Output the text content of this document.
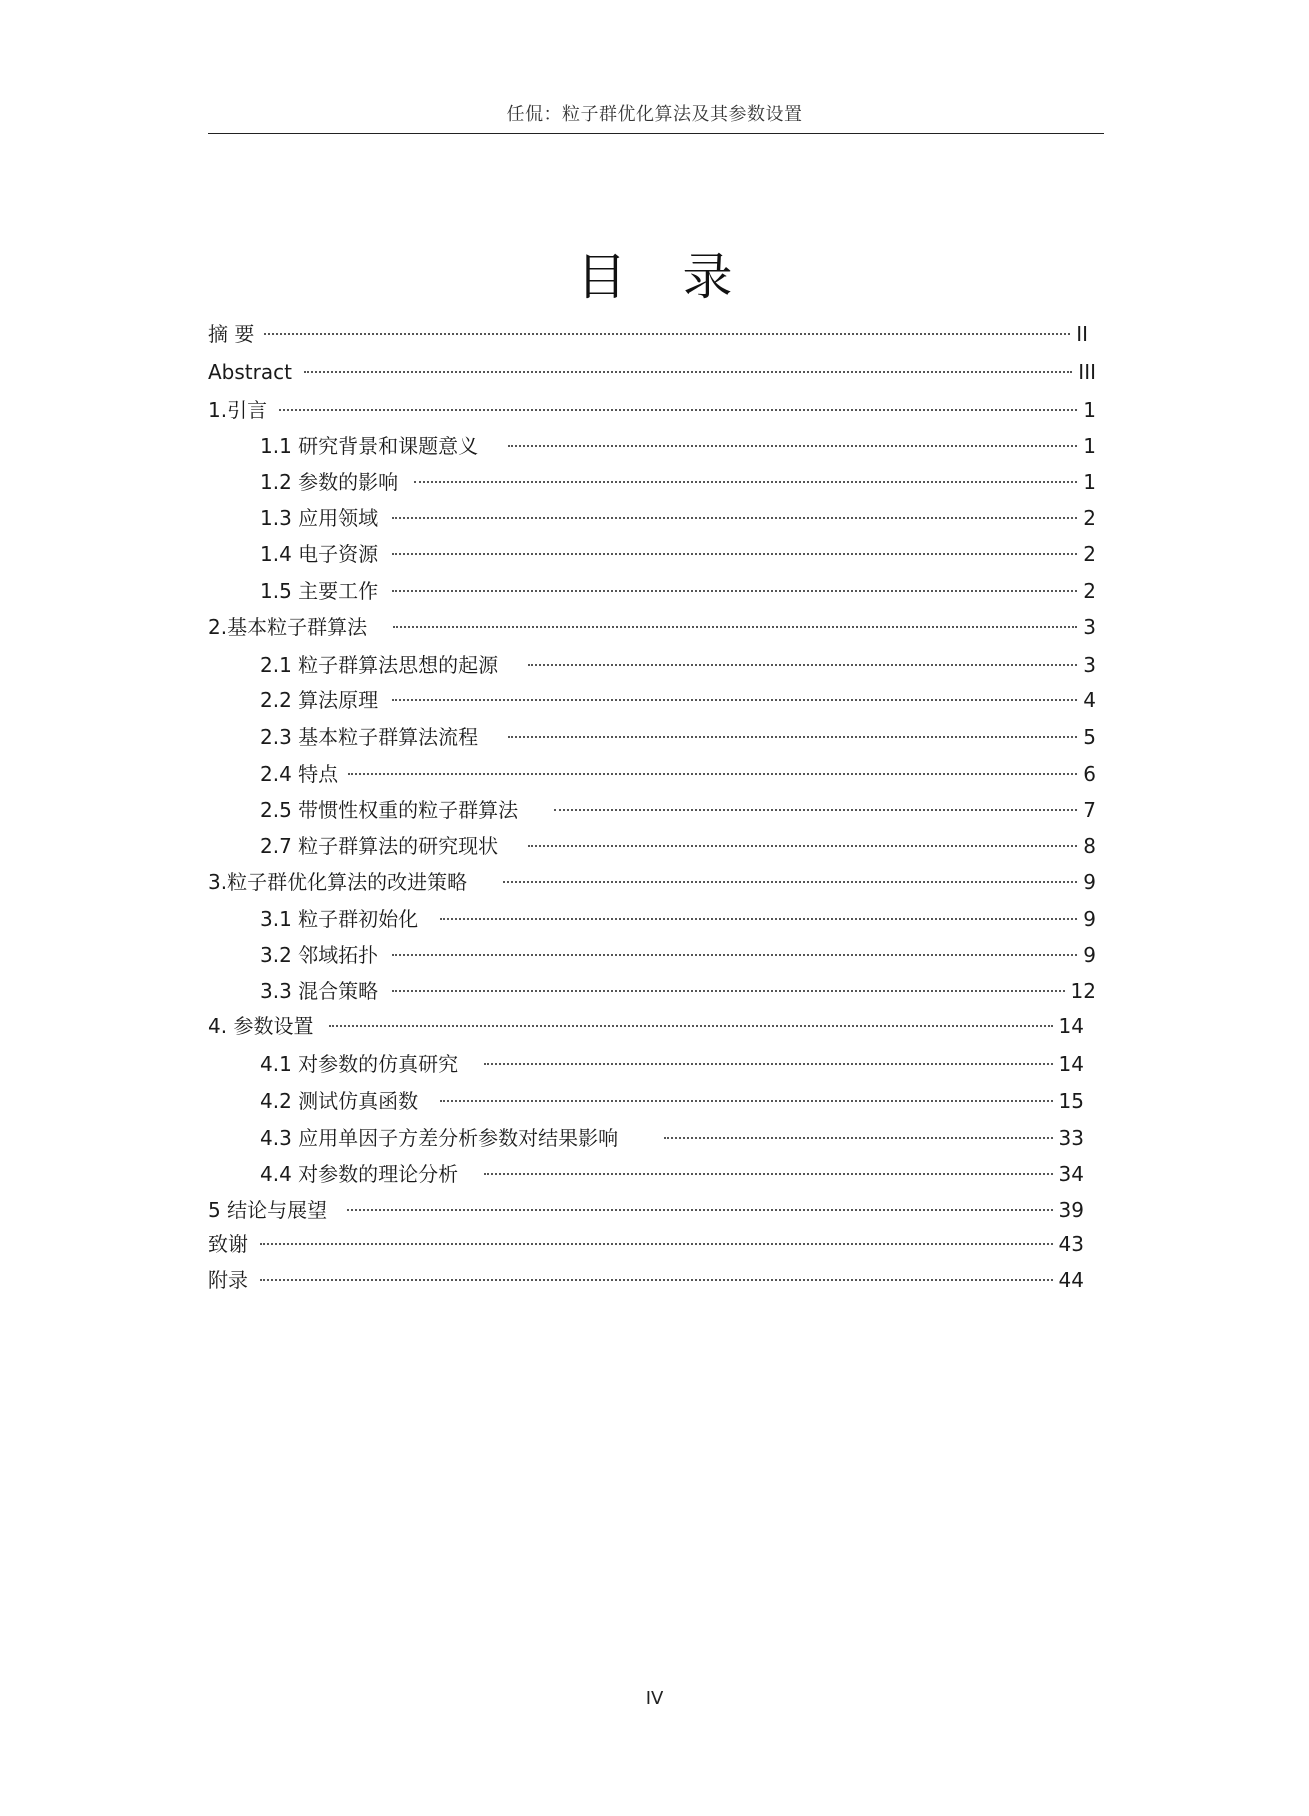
任侃：粒子群优化算法及其参数设置
目 录
摘 要	II
Abstract	III
1.引言	1
1.1 研究背景和课题意义	1
1.2 参数的影响	1
1.3 应用领域	2
1.4 电子资源	2
1.5 主要工作	2
2.基本粒子群算法	3
2.1 粒子群算法思想的起源	3
2.2 算法原理	4
2.3 基本粒子群算法流程	5
2.4 特点	6
2.5 带惯性权重的粒子群算法	7
2.7 粒子群算法的研究现状	8
3.粒子群优化算法的改进策略	9
3.1 粒子群初始化	9
3.2 邻域拓扑	9
3.3 混合策略	12
4. 参数设置	14
4.1 对参数的仿真研究	14
4.2 测试仿真函数	15
4.3 应用单因子方差分析参数对结果影响	33
4.4 对参数的理论分析	34
5 结论与展望	39
致谢	43
附录	44
IV
